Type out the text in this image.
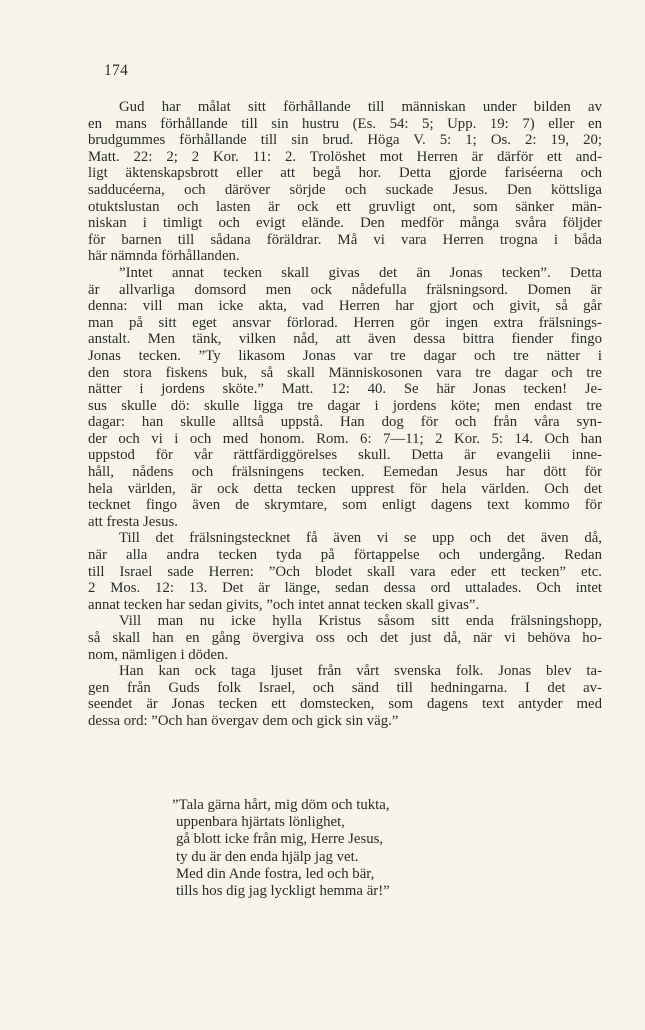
174

Gud har målat sitt förhållande till människan under bilden av
en mans förhållande till sin hustru (Es. 54: 5; Upp. 19: 7) eller en
brudgummes förhållande till sin brud. Höga V. 5: 1; Os. 2: 19, 20;
Matt. 22: 2; 2 Kor. 11: 2. Trolöshet mot Herren är därför ett and-
ligt äktenskapsbrott eller att begå hor. Detta gjorde fariséerna och
sadducéerna, och däröver sörjde och suckade Jesus. Den köttsliga
otuktslustan och lasten är ock ett gruvligt ont, som sänker män-
niskan i timligt och evigt elände. Den medför många svåra följder
för barnen till sådana föräldrar. Må vi vara Herren trogna i båda
här nämnda förhållanden.

”Intet annat tecken skall givas det än Jonas tecken”. Detta
är allvarliga domsord men ock nådefulla frälsningsord. Domen är
denna: vill man icke akta, vad Herren har gjort och givit, så går
man på sitt eget ansvar förlorad. Herren gör ingen extra frälsnings-
anstalt. Men tänk, vilken nåd, att även dessa bittra fiender fingo
Jonas tecken. ”Ty likasom Jonas var tre dagar och tre nätter i
den stora fiskens buk, så skall Människosonen vara tre dagar och tre
nätter i jordens sköte.” Matt. 12: 40. Se här Jonas tecken! Je-
sus skulle dö: skulle ligga tre dagar i jordens köte; men endast tre
dagar: han skulle alltså uppstå. Han dog för och från våra syn-
der och vi i och med honom. Rom. 6: 7—11; 2 Kor. 5: 14. Och han
uppstod för vår rättfärdiggörelses skull. Detta är evangelii inne-
håll, nådens och frälsningens tecken. Eemedan Jesus har dött för
hela världen, är ock detta tecken upprest för hela världen. Och det
tecknet fingo även de skrymtare, som enligt dagens text kommo för
att fresta Jesus.

Till det frälsningstecknet få även vi se upp och det även då,
när alla andra tecken tyda på förtappelse och undergång. Redan
till Israel sade Herren: ”Och blodet skall vara eder ett tecken” etc.
2 Mos. 12: 13. Det är länge, sedan dessa ord uttalades. Och intet
annat tecken har sedan givits, ”och intet annat tecken skall givas”.

Vill man nu icke hylla Kristus såsom sitt enda frälsningshopp,
så skall han en gång övergiva oss och det just då, när vi behöva ho-
nom, nämligen i döden.

Han kan ock taga ljuset från vårt svenska folk. Jonas blev ta-
gen från Guds folk Israel, och sänd till hedningarna. I det av-
seendet är Jonas tecken ett domstecken, som dagens text antyder med
dessa ord: ”Och han övergav dem och gick sin väg.”

”Tala gärna hårt, mig döm och tukta,
uppenbara hjärtats lönlighet,
gå blott icke från mig, Herre Jesus,
ty du är den enda hjälp jag vet.
Med din Ande fostra, led och bär,
tills hos dig jag lyckligt hemma är!”
